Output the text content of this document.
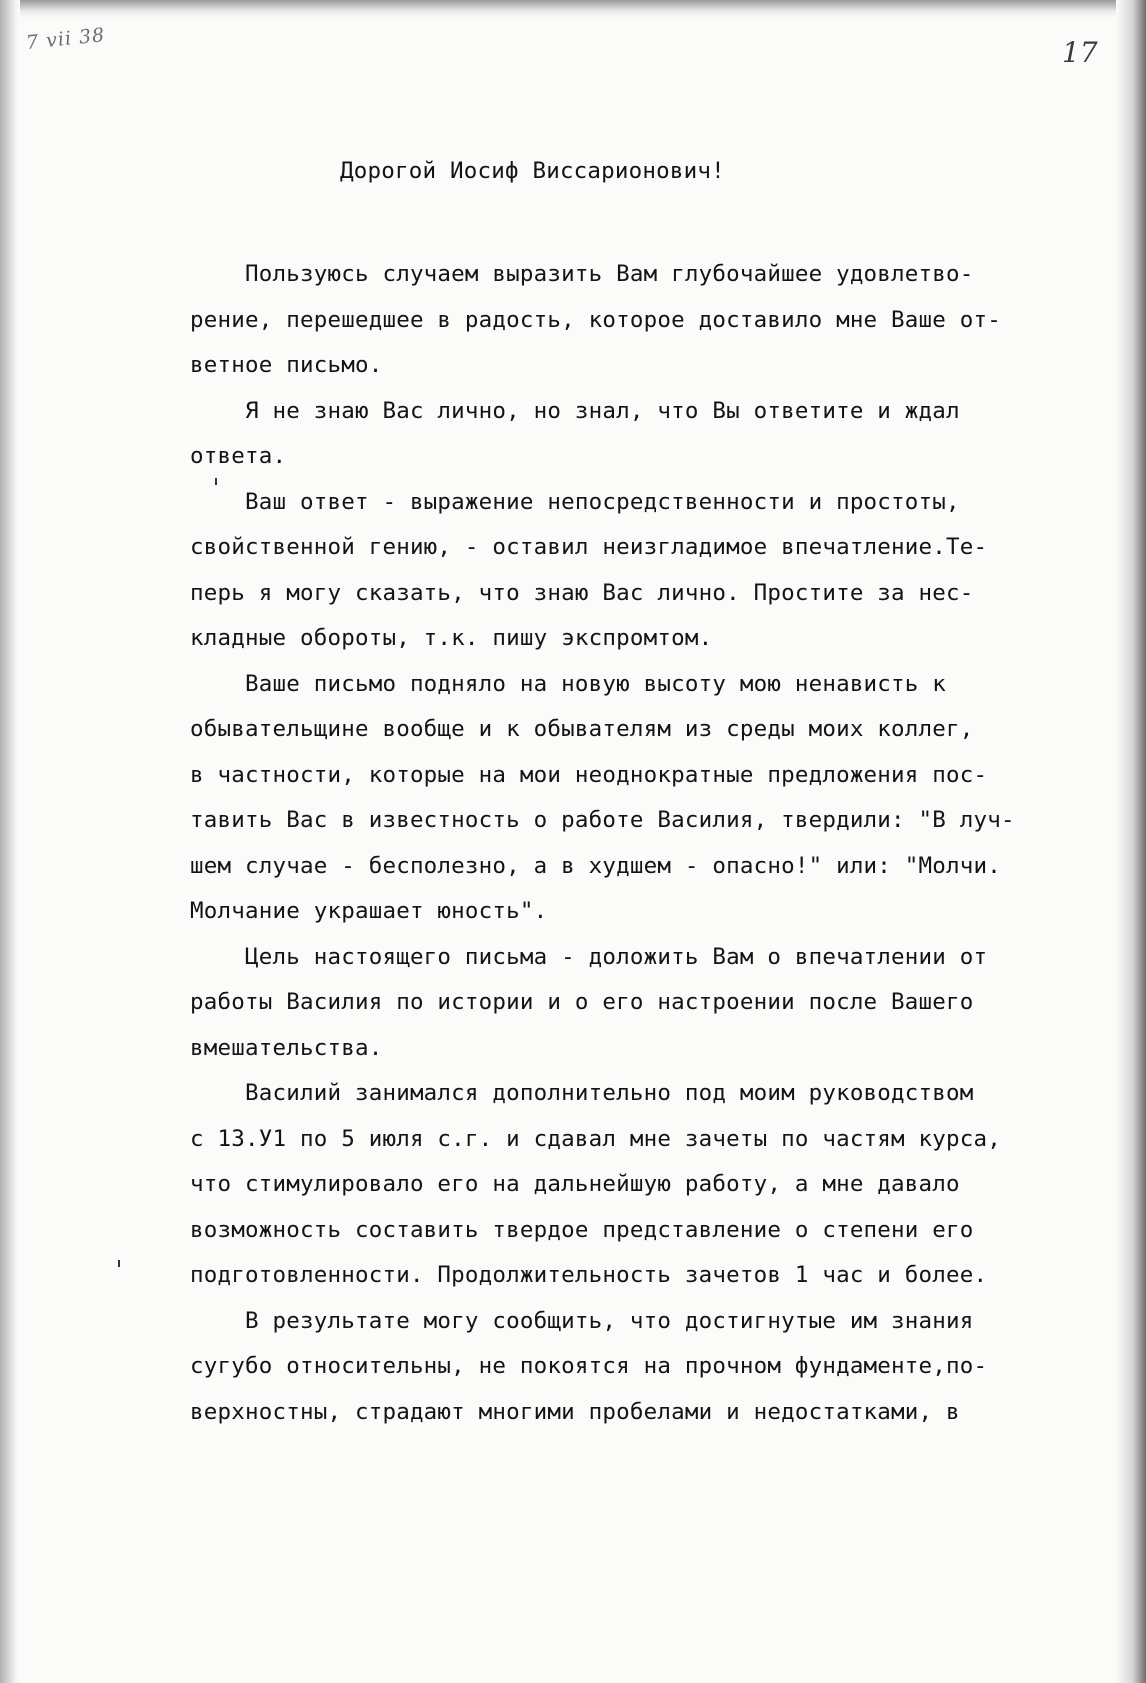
7 vii 38	17
Дорогой Иосиф Виссарионович!
Пользуюсь случаем выразить Вам глубочайшее удовлетво-
рение, перешедшее в радость, которое доставило мне Ваше от-
ветное письмо.
Я не знаю Вас лично, но знал, что Вы ответите и ждал
ответа.
Ваш ответ - выражение непосредственности и простоты,
свойственной гению, - оставил неизгладимое впечатление.Те-
перь я могу сказать, что знаю Вас лично. Простите за нес-
кладные обороты, т.к. пишу экспромтом.
Ваше письмо подняло на новую высоту мою ненависть к
обывательщине вообще и к обывателям из среды моих коллег,
в частности, которые на мои неоднократные предложения пос-
тавить Вас в известность о работе Василия, твердили: "В луч-
шем случае - бесполезно, а в худшем - опасно!" или: "Молчи.
Молчание украшает юность".
Цель настоящего письма - доложить Вам о впечатлении от
работы Василия по истории и о его настроении после Вашего
вмешательства.
Василий занимался дополнительно под моим руководством
с 13.У1 по 5 июля с.г. и сдавал мне зачеты по частям курса,
что стимулировало его на дальнейшую работу, а мне давало
возможность составить твердое представление о степени его
подготовленности. Продолжительность зачетов 1 час и более.
В результате могу сообщить, что достигнутые им знания
сугубо относительны, не покоятся на прочном фундаменте,по-
верхностны, страдают многими пробелами и недостатками, в
